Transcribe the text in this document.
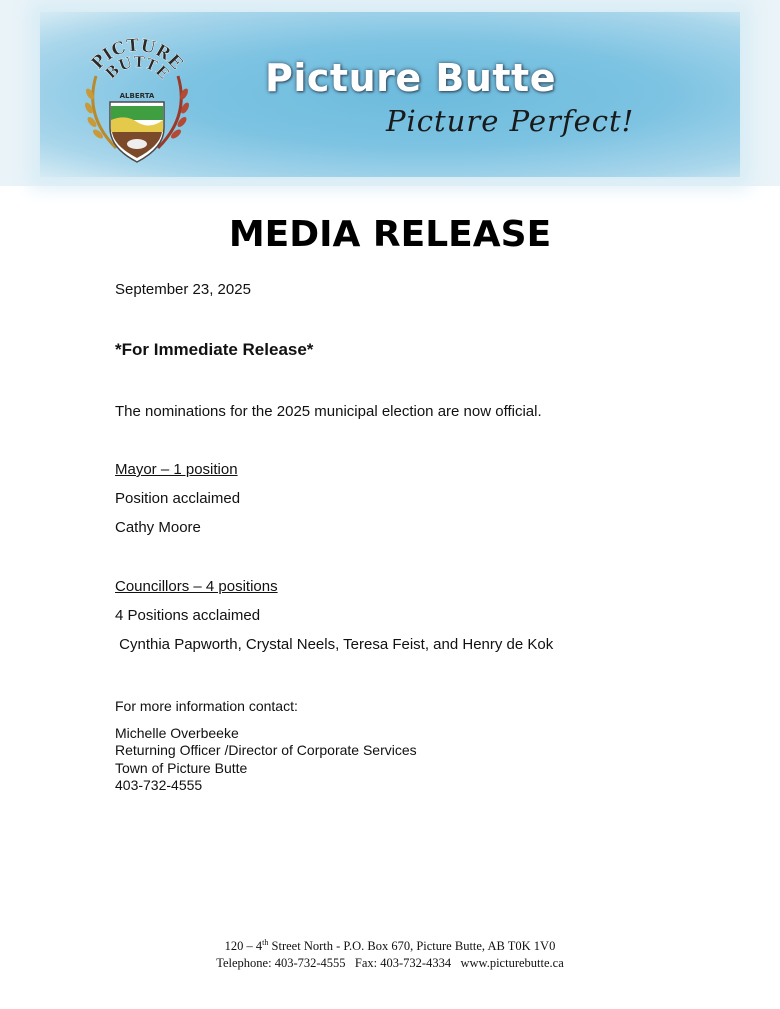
PICTURE
BUTTE
ALBERTA	Picture Butte
Picture Perfect!
MEDIA RELEASE
September 23, 2025
*For Immediate Release*
The nominations for the 2025 municipal election are now official.
Mayor – 1 position
Position acclaimed
Cathy Moore
Councillors – 4 positions
4 Positions acclaimed
Cynthia Papworth, Crystal Neels, Teresa Feist, and Henry de Kok
For more information contact:
Michelle Overbeeke
Returning Officer /Director of Corporate Services
Town of Picture Butte
403-732-4555
120 – 4th Street North - P.O. Box 670, Picture Butte, AB T0K 1V0
Telephone: 403-732-4555   Fax: 403-732-4334   www.picturebutte.ca
